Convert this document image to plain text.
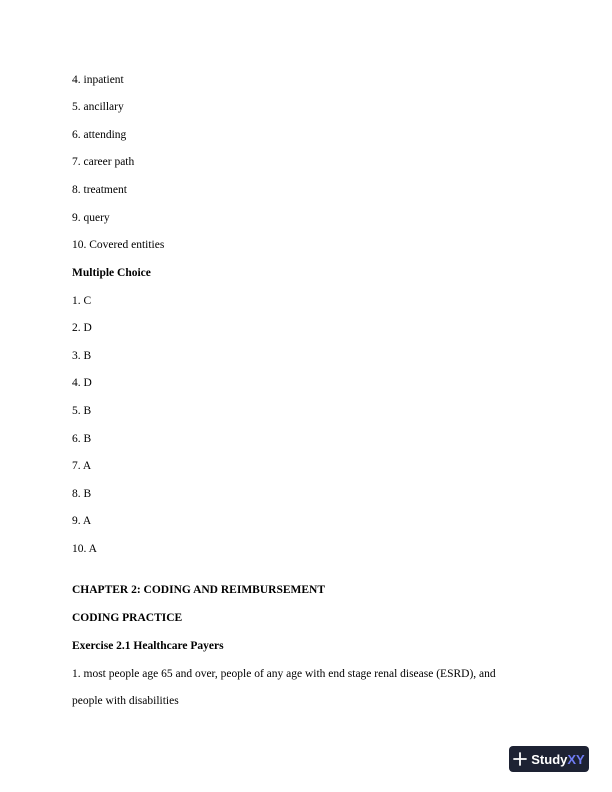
4. inpatient
5. ancillary
6. attending
7. career path
8. treatment
9. query
10. Covered entities
Multiple Choice
1. C
2. D
3. B
4. D
5. B
6. B
7. A
8. B
9. A
10. A
CHAPTER 2: CODING AND REIMBURSEMENT
CODING PRACTICE
Exercise 2.1 Healthcare Payers
1. most people age 65 and over, people of any age with end stage renal disease (ESRD), and
people with disabilities
StudyXY
